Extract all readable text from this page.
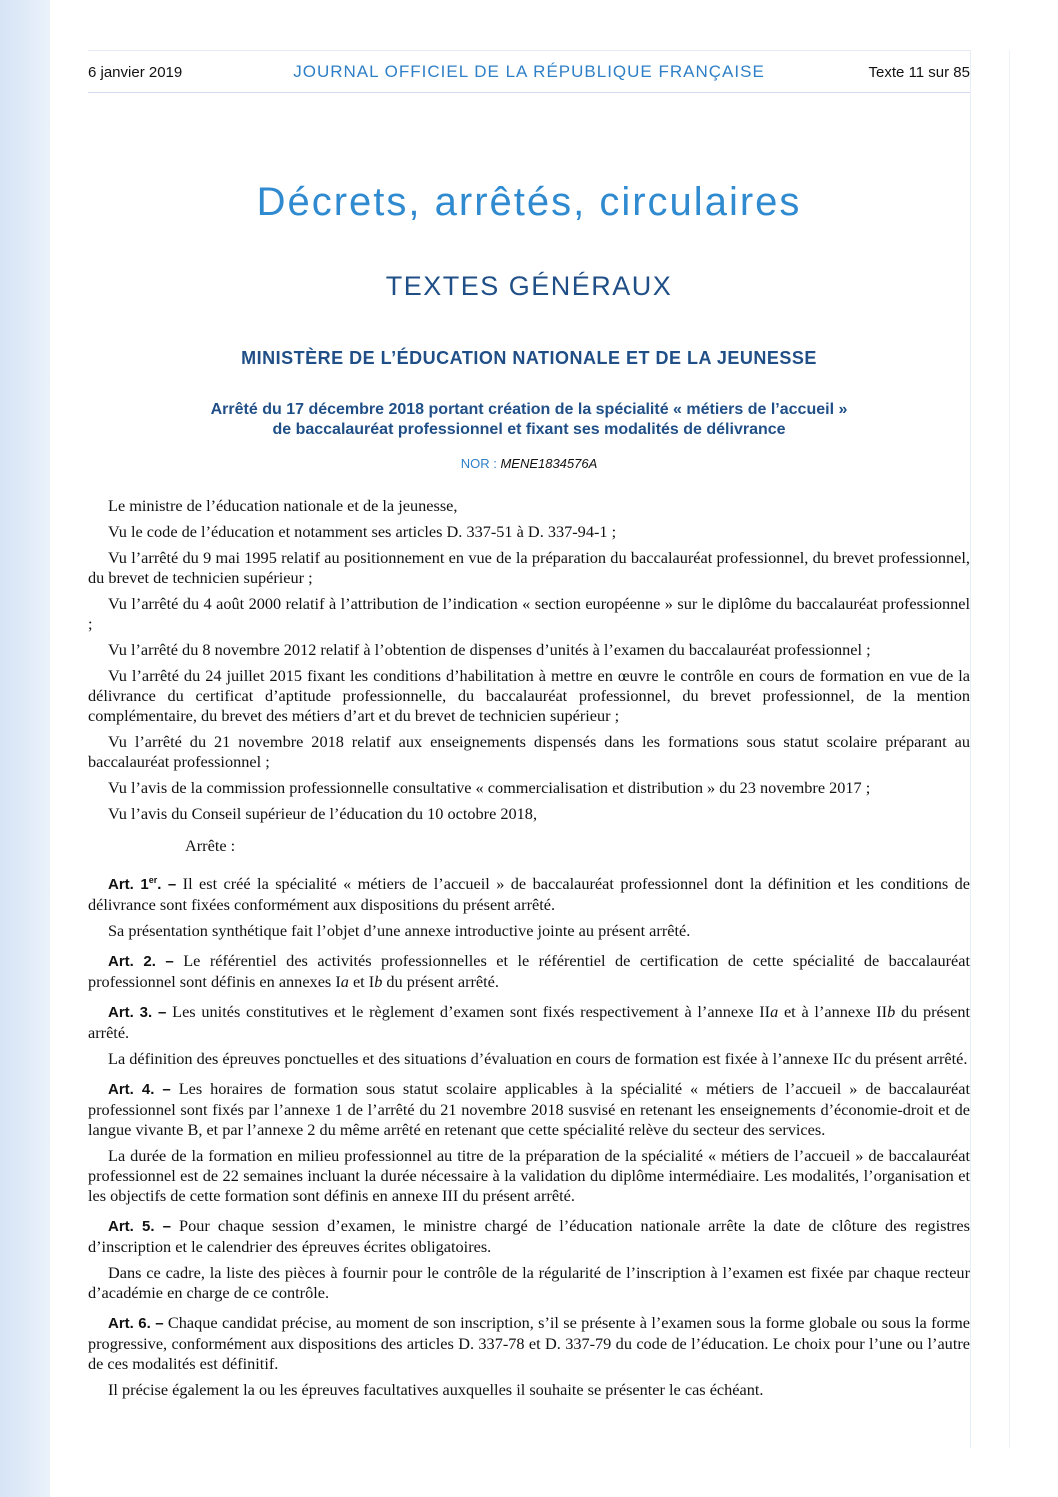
6 janvier 2019	JOURNAL OFFICIEL DE LA RÉPUBLIQUE FRANÇAISE	Texte 11 sur 85
Décrets, arrêtés, circulaires
TEXTES GÉNÉRAUX
MINISTÈRE DE L’ÉDUCATION NATIONALE ET DE LA JEUNESSE
Arrêté du 17 décembre 2018 portant création de la spécialité « métiers de l’accueil »
de baccalauréat professionnel et fixant ses modalités de délivrance
NOR : MENE1834576A

Le ministre de l’éducation nationale et de la jeunesse,

Vu le code de l’éducation et notamment ses articles D. 337-51 à D. 337-94-1 ;

Vu l’arrêté du 9 mai 1995 relatif au positionnement en vue de la préparation du baccalauréat professionnel, du brevet professionnel, du brevet de technicien supérieur ;

Vu l’arrêté du 4 août 2000 relatif à l’attribution de l’indication « section européenne » sur le diplôme du baccalauréat professionnel ;

Vu l’arrêté du 8 novembre 2012 relatif à l’obtention de dispenses d’unités à l’examen du baccalauréat professionnel ;

Vu l’arrêté du 24 juillet 2015 fixant les conditions d’habilitation à mettre en œuvre le contrôle en cours de formation en vue de la délivrance du certificat d’aptitude professionnelle, du baccalauréat professionnel, du brevet professionnel, de la mention complémentaire, du brevet des métiers d’art et du brevet de technicien supérieur ;

Vu l’arrêté du 21 novembre 2018 relatif aux enseignements dispensés dans les formations sous statut scolaire préparant au baccalauréat professionnel ;

Vu l’avis de la commission professionnelle consultative « commercialisation et distribution » du 23 novembre 2017 ;

Vu l’avis du Conseil supérieur de l’éducation du 10 octobre 2018,

Arrête :

Art. 1er. – Il est créé la spécialité « métiers de l’accueil » de baccalauréat professionnel dont la définition et les conditions de délivrance sont fixées conformément aux dispositions du présent arrêté.

Sa présentation synthétique fait l’objet d’une annexe introductive jointe au présent arrêté.

Art. 2. – Le référentiel des activités professionnelles et le référentiel de certification de cette spécialité de baccalauréat professionnel sont définis en annexes Ia et Ib du présent arrêté.

Art. 3. – Les unités constitutives et le règlement d’examen sont fixés respectivement à l’annexe IIa et à l’annexe IIb du présent arrêté.

La définition des épreuves ponctuelles et des situations d’évaluation en cours de formation est fixée à l’annexe IIc du présent arrêté.

Art. 4. – Les horaires de formation sous statut scolaire applicables à la spécialité « métiers de l’accueil » de baccalauréat professionnel sont fixés par l’annexe 1 de l’arrêté du 21 novembre 2018 susvisé en retenant les enseignements d’économie-droit et de langue vivante B, et par l’annexe 2 du même arrêté en retenant que cette spécialité relève du secteur des services.

La durée de la formation en milieu professionnel au titre de la préparation de la spécialité « métiers de l’accueil » de baccalauréat professionnel est de 22 semaines incluant la durée nécessaire à la validation du diplôme intermédiaire. Les modalités, l’organisation et les objectifs de cette formation sont définis en annexe III du présent arrêté.

Art. 5. – Pour chaque session d’examen, le ministre chargé de l’éducation nationale arrête la date de clôture des registres d’inscription et le calendrier des épreuves écrites obligatoires.

Dans ce cadre, la liste des pièces à fournir pour le contrôle de la régularité de l’inscription à l’examen est fixée par chaque recteur d’académie en charge de ce contrôle.

Art. 6. – Chaque candidat précise, au moment de son inscription, s’il se présente à l’examen sous la forme globale ou sous la forme progressive, conformément aux dispositions des articles D. 337-78 et D. 337-79 du code de l’éducation. Le choix pour l’une ou l’autre de ces modalités est définitif.

Il précise également la ou les épreuves facultatives auxquelles il souhaite se présenter le cas échéant.
